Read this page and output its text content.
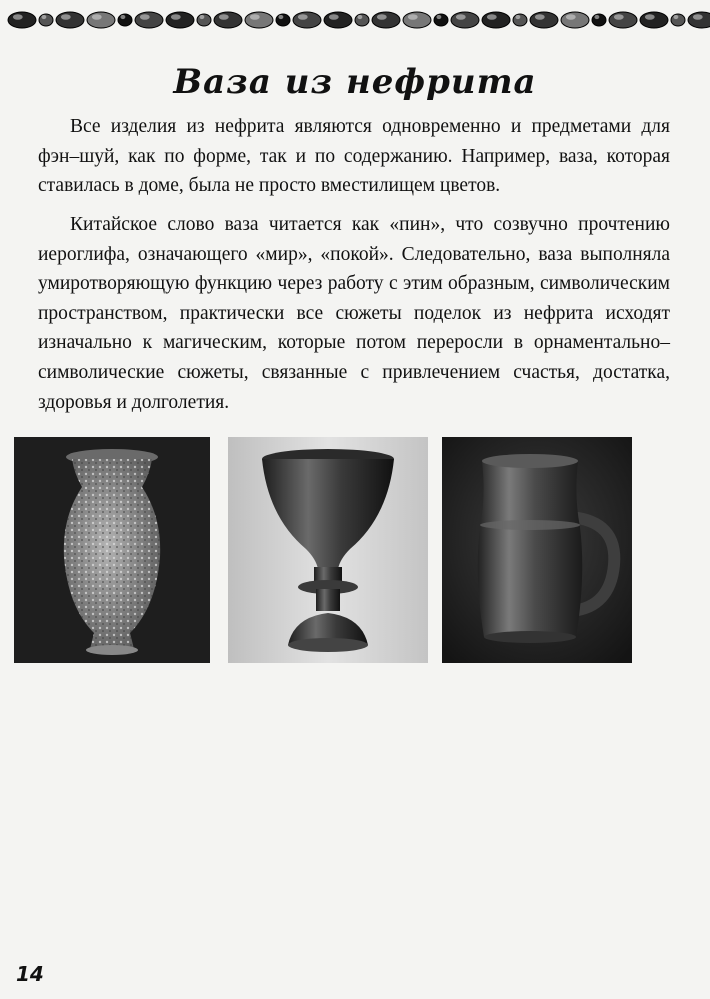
Ваза из нефрита

Все изделия из нефрита являются одновременно и предметами для фэн–шуй, как по форме, так и по содержанию. Например, ваза, которая ставилась в доме, была не просто вместилищем цветов.

Китайское слово ваза читается как «пин», что созвучно прочтению иероглифа, означающего «мир», «покой». Следовательно, ваза выполняла умиротворяющую функцию через работу с этим образным, символическим пространством, практически все сюжеты поделок из нефрита исходят изначально к магическим, которые потом переросли в орнаментально–символические сюжеты, связанные с привлечением счастья, достатка, здоровья и долголетия.

14
